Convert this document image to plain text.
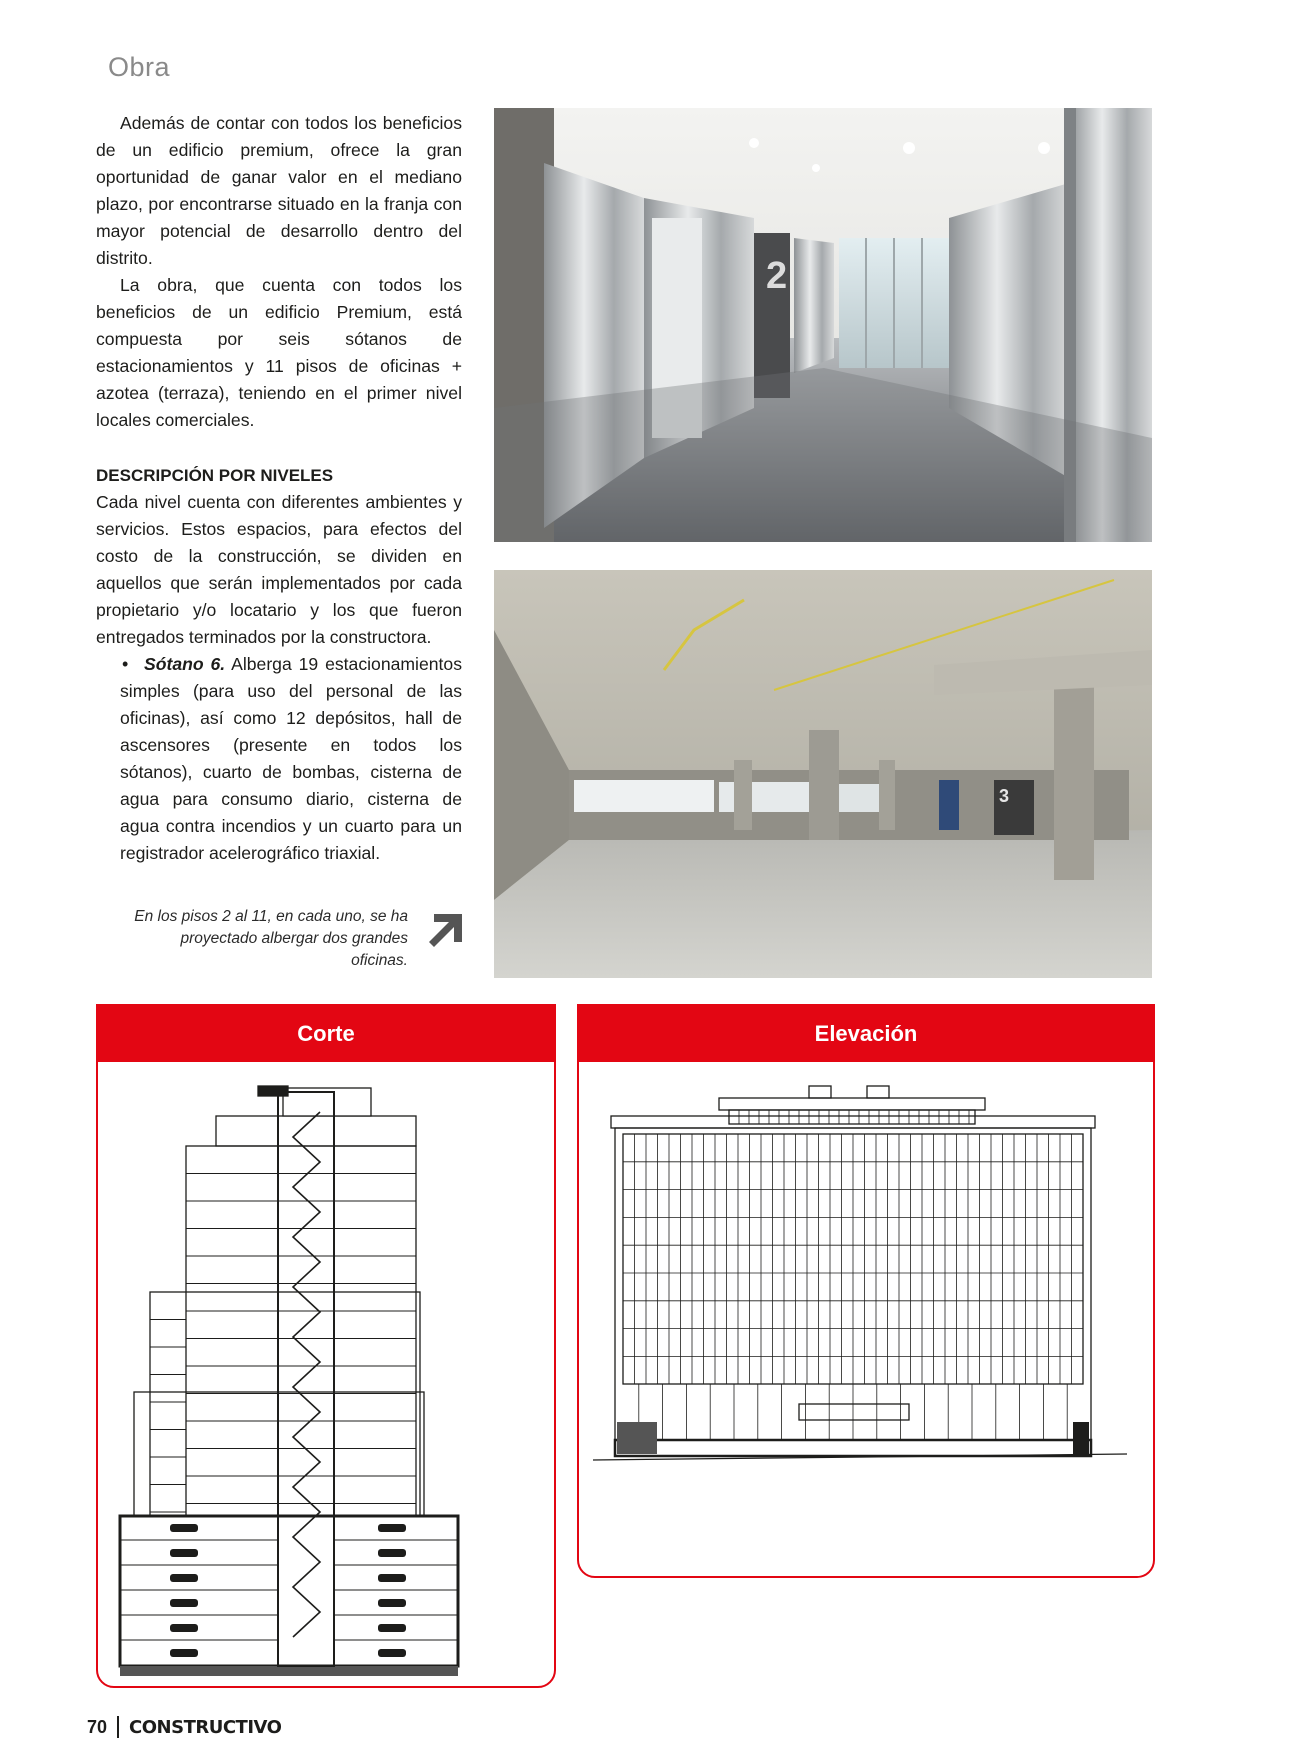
Obra

Además de contar con todos los beneficios de un edificio premium, ofrece la gran oportunidad de ganar valor en el mediano plazo, por encontrarse situado en la franja con mayor potencial de desarrollo dentro del distrito.

La obra, que cuenta con todos los beneficios de un edificio Premium, está compuesta por seis sótanos de estacionamientos y 11 pisos de oficinas + azotea (terraza), teniendo en el primer nivel locales comerciales.

DESCRIPCIÓN POR NIVELES

Cada nivel cuenta con diferentes ambientes y servicios. Estos espacios, para efectos del costo de la construcción, se dividen en aquellos que serán implementados por cada propietario y/o locatario y los que fueron entregados terminados por la constructora.

• Sótano 6. Alberga 19 estacionamientos simples (para uso del personal de las oficinas), así como 12 depósitos, hall de ascensores (presente en todos los sótanos), cuarto de bombas, cisterna de agua para consumo diario, cisterna de agua contra incendios y un cuarto para un registrador acelerográfico triaxial.

En los pisos 2 al 11, en cada uno, se ha proyectado albergar dos grandes oficinas.
2
3
Corte	Elevación
70 CONSTRUCTIVO
